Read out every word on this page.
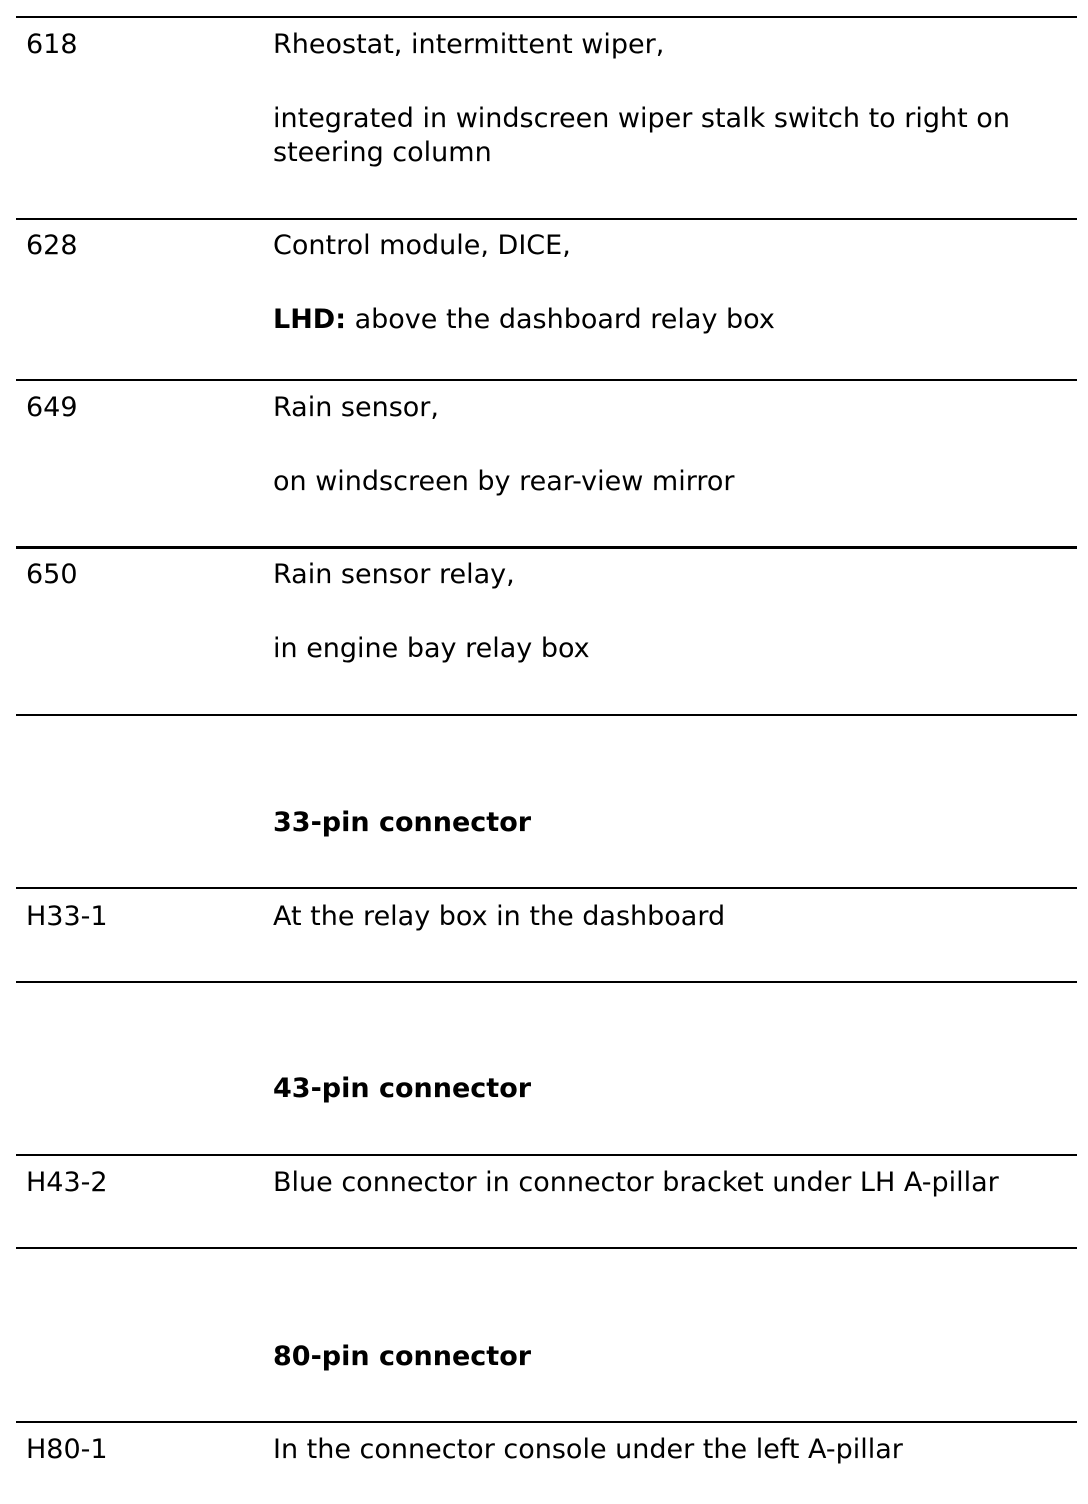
618	Rheostat, intermittent wiper,
integrated in windscreen wiper stalk switch to right on steering column
628	Control module, DICE,
LHD: above the dashboard relay box
649	Rain sensor,
on windscreen by rear-view mirror
650	Rain sensor relay,
in engine bay relay box
33-pin connector
H33-1	At the relay box in the dashboard
43-pin connector
H43-2	Blue connector in connector bracket under LH A-pillar
80-pin connector
H80-1	In the connector console under the left A-pillar
